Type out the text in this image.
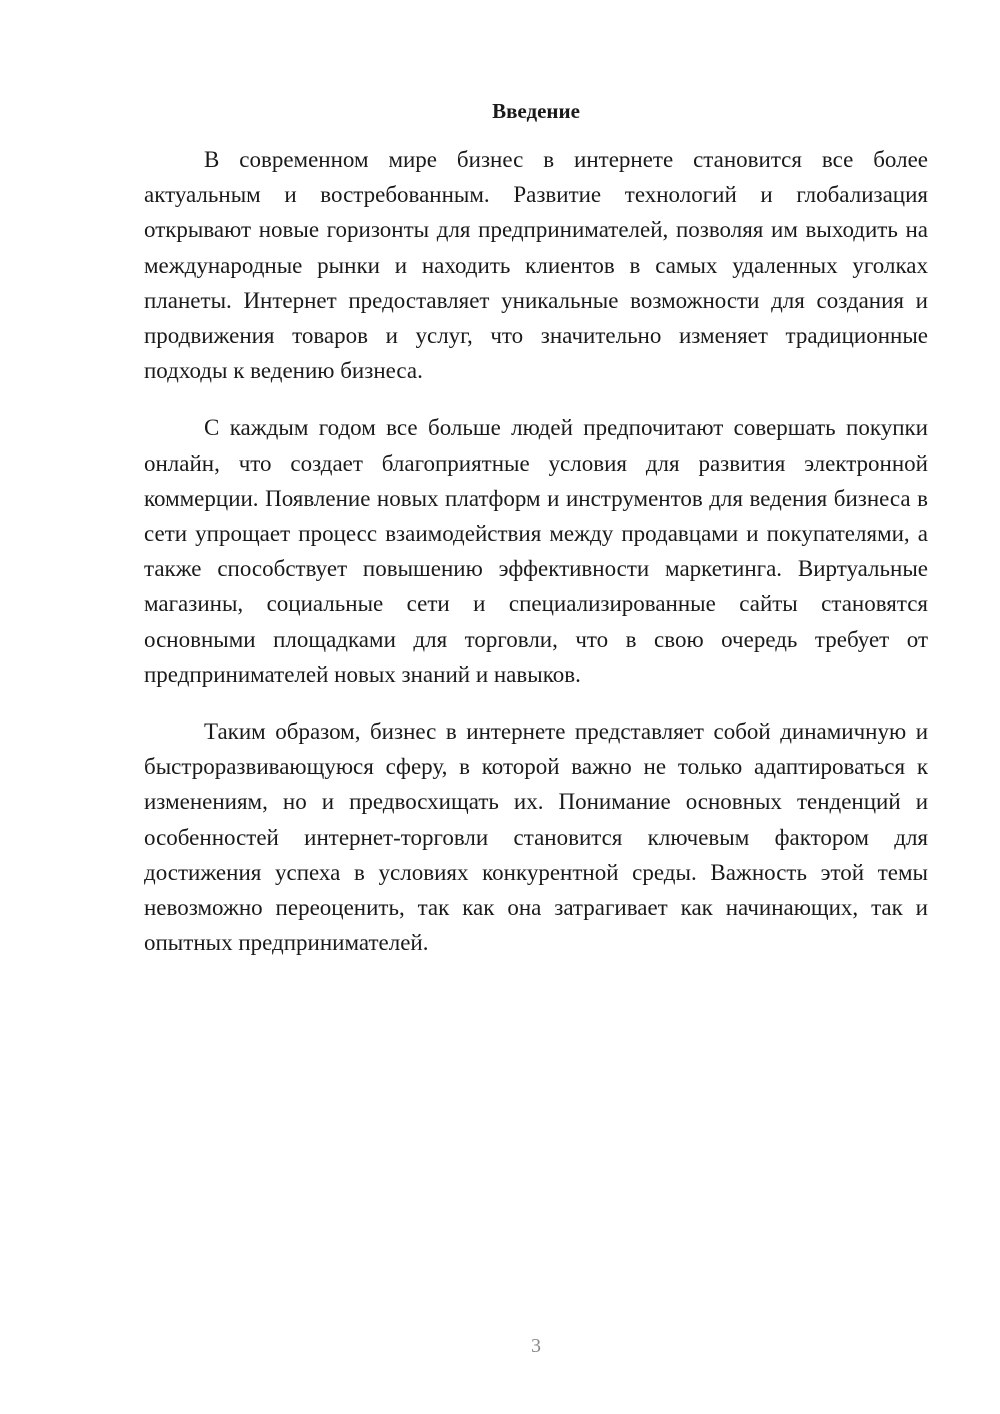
Введение

В современном мире бизнес в интернете становится все более актуальным и востребованным. Развитие технологий и глобализация открывают новые горизонты для предпринимателей, позволяя им выходить на международные рынки и находить клиентов в самых удаленных уголках планеты. Интернет предоставляет уникальные возможности для создания и продвижения товаров и услуг, что значительно изменяет традиционные подходы к ведению бизнеса.

С каждым годом все больше людей предпочитают совершать покупки онлайн, что создает благоприятные условия для развития электронной коммерции. Появление новых платформ и инструментов для ведения бизнеса в сети упрощает процесс взаимодействия между продавцами и покупателями, а также способствует повышению эффективности маркетинга. Виртуальные магазины, социальные сети и специализированные сайты становятся основными площадками для торговли, что в свою очередь требует от предпринимателей новых знаний и навыков.

Таким образом, бизнес в интернете представляет собой динамичную и быстроразвивающуюся сферу, в которой важно не только адаптироваться к изменениям, но и предвосхищать их. Понимание основных тенденций и особенностей интернет-торговли становится ключевым фактором для достижения успеха в условиях конкурентной среды. Важность этой темы невозможно переоценить, так как она затрагивает как начинающих, так и опытных предпринимателей.

3
